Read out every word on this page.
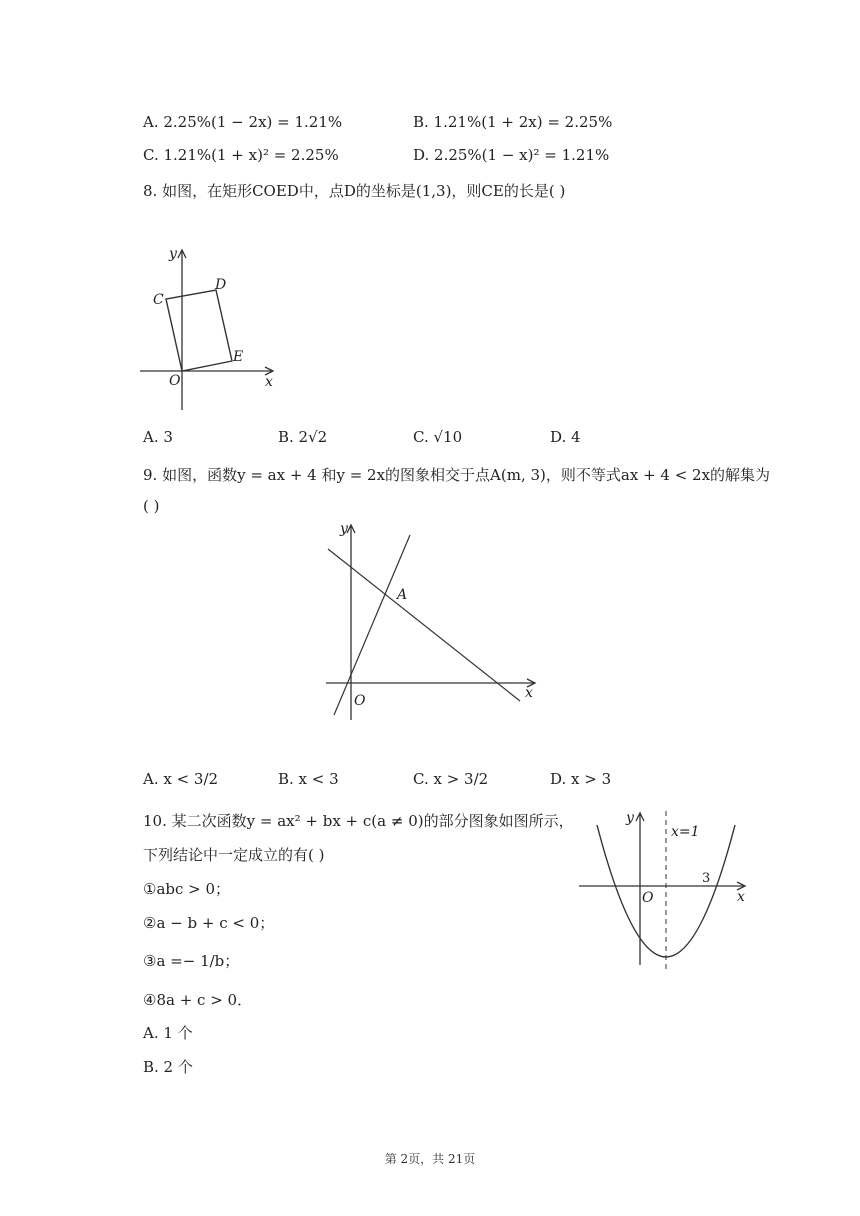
A. 2.25%(1 − 2x) = 1.21%	B. 1.21%(1 + 2x) = 2.25%
C. 1.21%(1 + x)² = 2.25%	D. 2.25%(1 − x)² = 1.21%
8. 如图，在矩形COED中，点D的坐标是(1,3)，则CE的长是( )
y
x
C
D
E
O
A. 3	B. 2√2	C. √10	D. 4
9. 如图，函数y = ax + 4 和y = 2x的图象相交于点A(m, 3)，则不等式ax + 4 < 2x的解集为
( )
y
x
A
O
A. x < 3/2	B. x < 3	C. x > 3/2	D. x > 3
10. 某二次函数y = ax² + bx + c(a ≠ 0)的部分图象如图所示，
下列结论中一定成立的有( )
①abc > 0；
②a − b + c < 0；
③a =− 1/b；
④8a + c > 0．
A. 1 个
B. 2 个
y
x
O
x=1
3
第 2页，共 21页
